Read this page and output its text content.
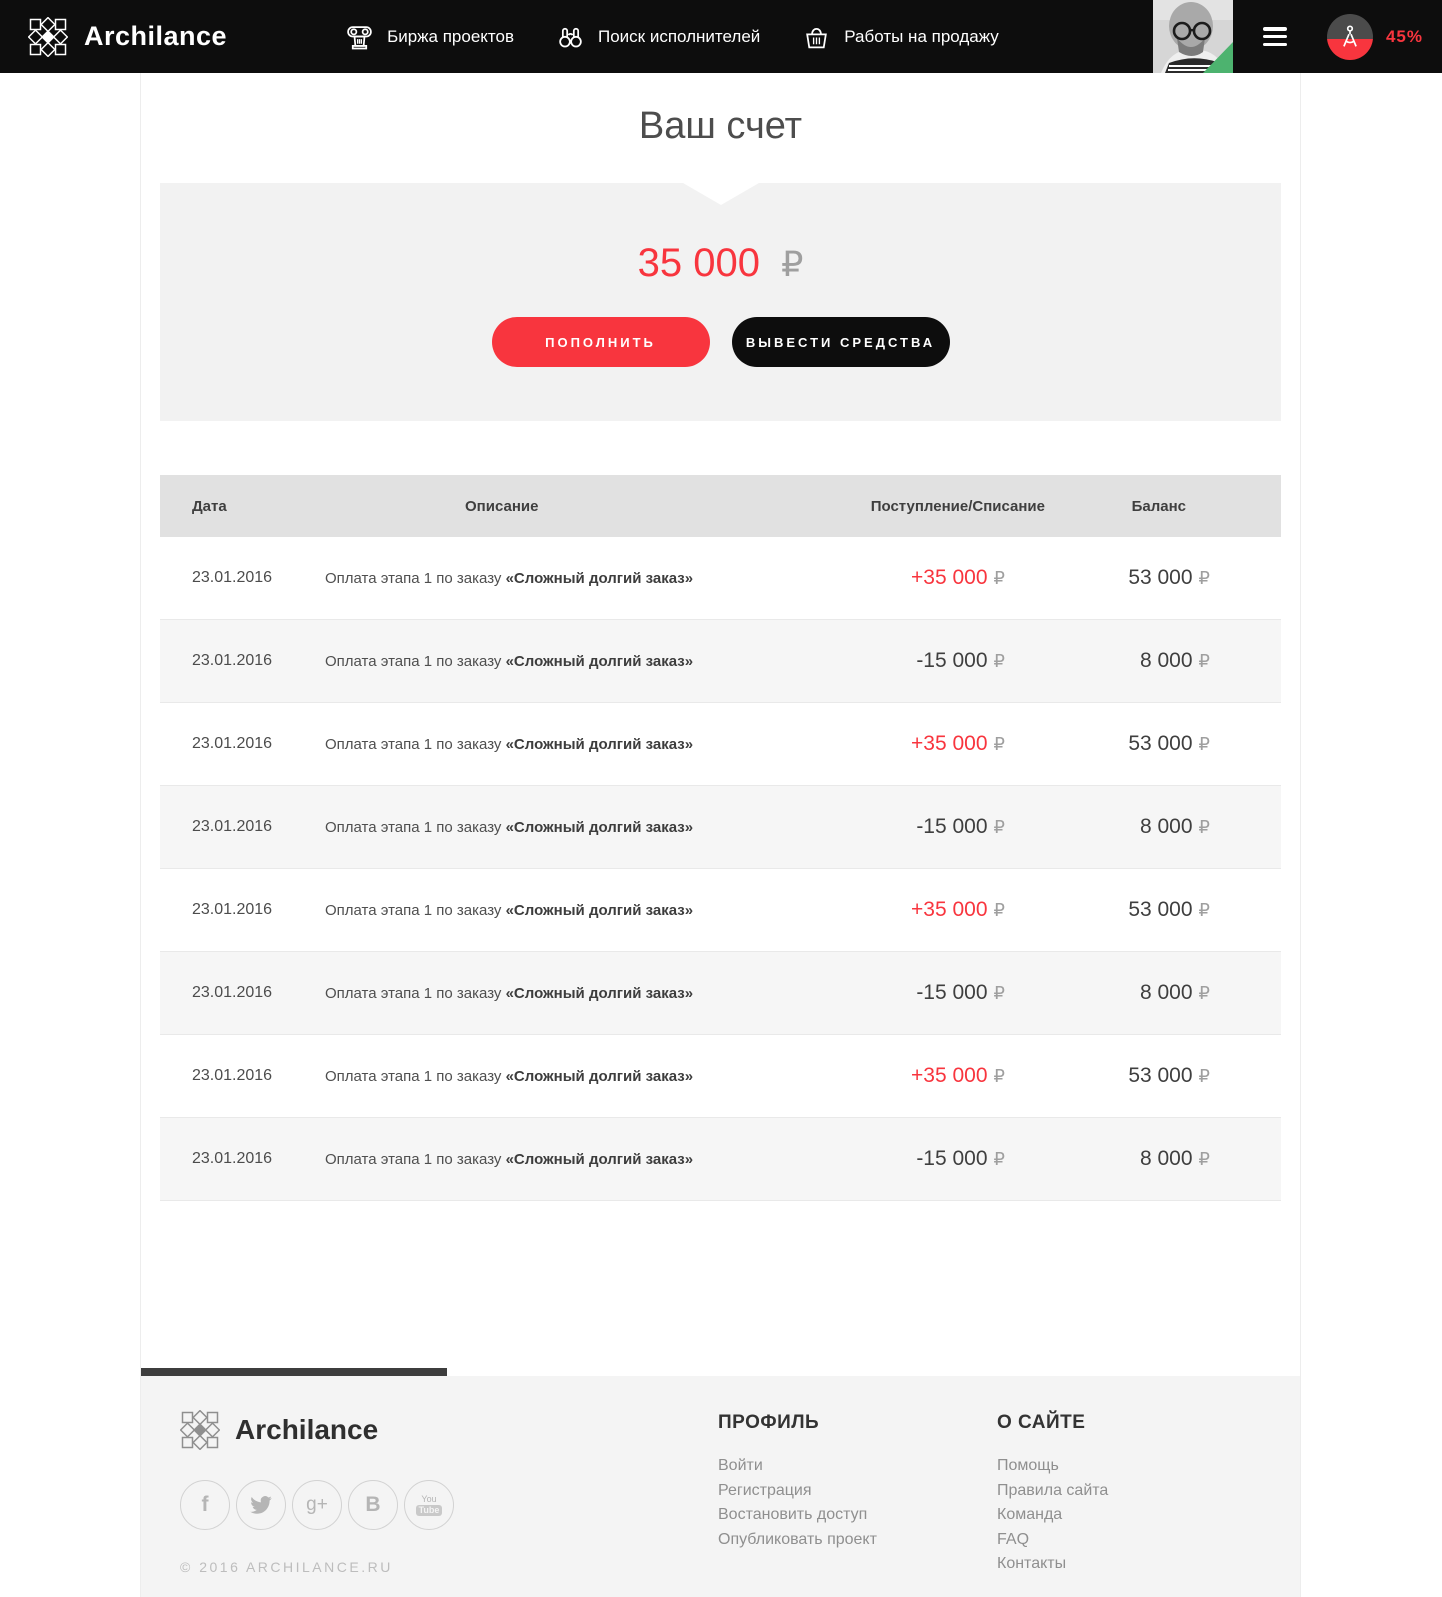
Archilance	Биржа проектов	Поиск исполнителей	Работы на продажу	45%
Ваш счет
35 000 ₽
ПОПОЛНИТЬ	ВЫВЕСТИ СРЕДСТВА
Дата	Описание	Поступление/Списание	Баланс
23.01.2016	Оплата этапа 1 по заказу «Сложный долгий заказ»	+35 000 ₽	53 000 ₽
23.01.2016	Оплата этапа 1 по заказу «Сложный долгий заказ»	-15 000 ₽	8 000 ₽
23.01.2016	Оплата этапа 1 по заказу «Сложный долгий заказ»	+35 000 ₽	53 000 ₽
23.01.2016	Оплата этапа 1 по заказу «Сложный долгий заказ»	-15 000 ₽	8 000 ₽
23.01.2016	Оплата этапа 1 по заказу «Сложный долгий заказ»	+35 000 ₽	53 000 ₽
23.01.2016	Оплата этапа 1 по заказу «Сложный долгий заказ»	-15 000 ₽	8 000 ₽
23.01.2016	Оплата этапа 1 по заказу «Сложный долгий заказ»	+35 000 ₽	53 000 ₽
23.01.2016	Оплата этапа 1 по заказу «Сложный долгий заказ»	-15 000 ₽	8 000 ₽
Archilance
f	g+ B	You
Tube
© 2016 ARCHILANCE.RU
ПРОФИЛЬ
Войти
Регистрация
Востановить доступ
Опубликовать проект
О САЙТЕ
Помощь
Правила сайта
Команда
FAQ
Контакты
